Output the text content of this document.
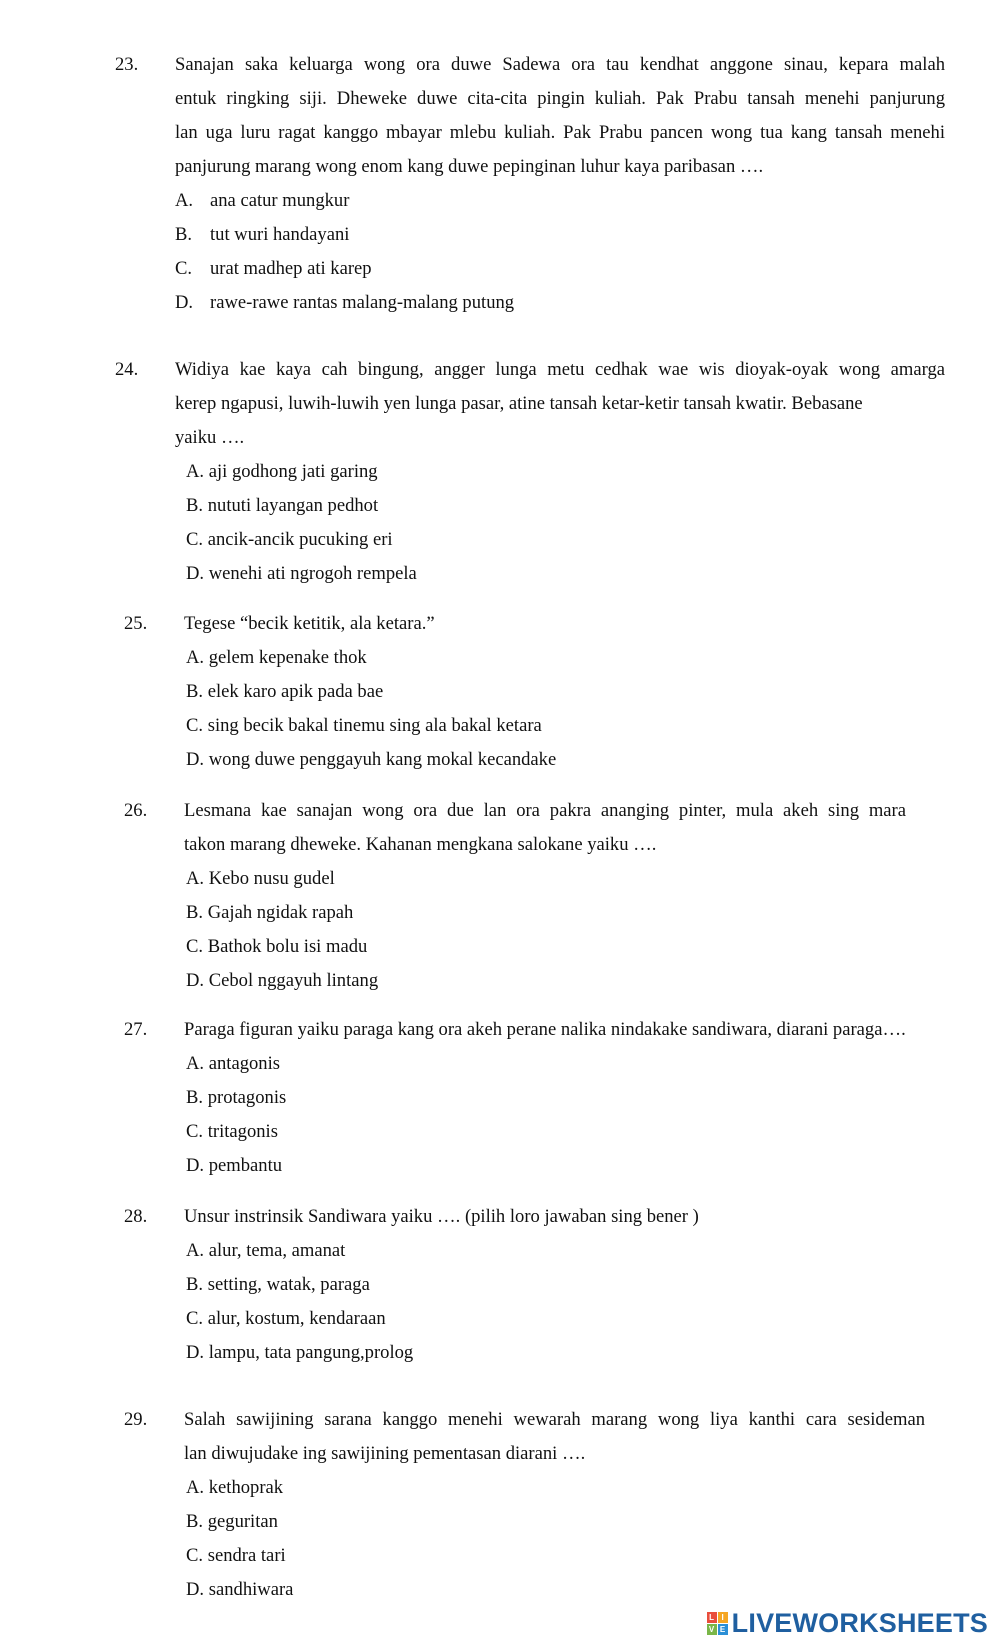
23. Sanajan saka keluarga wong ora duwe Sadewa ora tau kendhat anggone sinau, kepara malah
entuk ringking siji. Dheweke duwe cita-cita pingin kuliah. Pak Prabu tansah menehi panjurung
lan uga luru ragat kanggo mbayar mlebu kuliah. Pak Prabu pancen wong tua kang tansah menehi
panjurung marang wong enom kang duwe pepinginan luhur kaya paribasan ….
A. ana catur mungkur
B. tut wuri handayani
C. urat madhep ati karep
D. rawe-rawe rantas malang-malang putung
24. Widiya kae kaya cah bingung, angger lunga metu cedhak wae wis dioyak-oyak wong amarga
kerep ngapusi, luwih-luwih yen lunga pasar, atine tansah ketar-ketir tansah kwatir. Bebasane
yaiku ….
A. aji godhong jati garing
B. nututi layangan pedhot
C. ancik-ancik pucuking eri
D. wenehi ati ngrogoh rempela
25. Tegese “becik ketitik, ala ketara.”
A. gelem kepenake thok
B. elek karo apik pada bae
C. sing becik bakal tinemu sing ala bakal ketara
D. wong duwe penggayuh kang mokal kecandake
26. Lesmana kae sanajan wong ora due lan ora pakra ananging pinter, mula akeh sing mara
takon marang dheweke. Kahanan mengkana salokane yaiku ….
A. Kebo nusu gudel
B. Gajah ngidak rapah
C. Bathok bolu isi madu
D. Cebol nggayuh lintang
27. Paraga figuran yaiku paraga kang ora akeh perane nalika nindakake sandiwara, diarani paraga….
A. antagonis
B. protagonis
C. tritagonis
D. pembantu
28. Unsur instrinsik Sandiwara yaiku …. (pilih loro jawaban sing bener )
A. alur, tema, amanat
B. setting, watak, paraga
C. alur, kostum, kendaraan
D. lampu, tata pangung,prolog
29. Salah sawijining sarana kanggo menehi wewarah marang wong liya kanthi cara sesideman
lan diwujudake ing sawijining pementasan diarani ….
A. kethoprak
B. geguritan
C. sendra tari
D. sandhiwara
L I
V E LIVEWORKSHEETS
